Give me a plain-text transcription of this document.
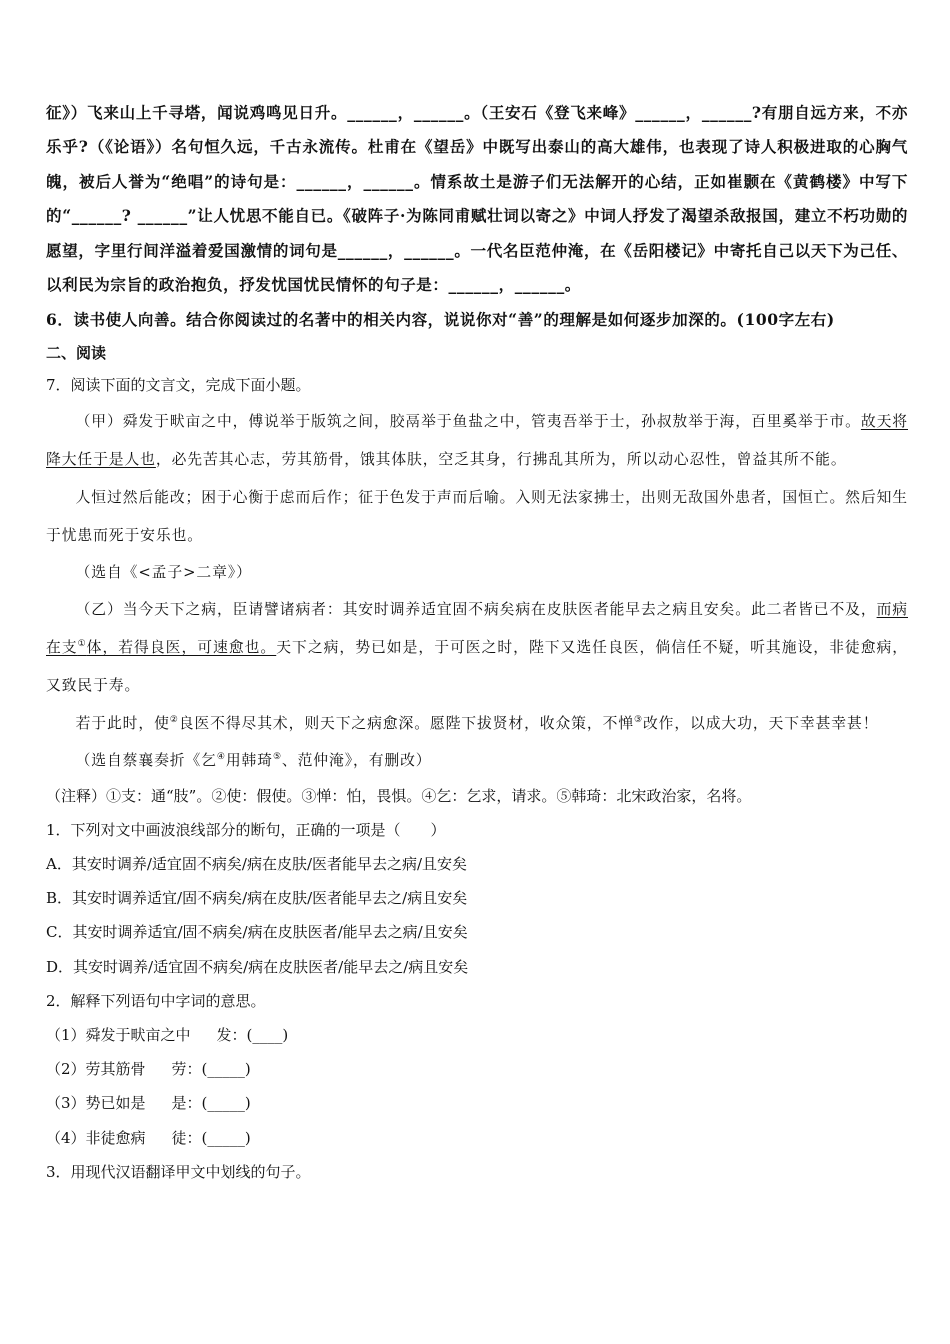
征》）飞来山上千寻塔，闻说鸡鸣见日升。______，______。（王安石《登飞来峰》______，______?有朋自远方来，不亦乐乎?（《论语》）名句恒久远，千古永流传。杜甫在《望岳》中既写出泰山的高大雄伟，也表现了诗人积极进取的心胸气魄，被后人誉为“绝唱”的诗句是：______，______。情系故土是游子们无法解开的心结，正如崔颢在《黄鹤楼》中写下的“______? ______”让人忧思不能自已。《破阵子·为陈同甫赋壮词以寄之》中词人抒发了渴望杀敌报国，建立不朽功勋的愿望，字里行间洋溢着爱国激情的词句是______，______。一代名臣范仲淹，在《岳阳楼记》中寄托自己以天下为己任、以利民为宗旨的政治抱负，抒发忧国忧民情怀的句子是：______，______。
6．读书使人向善。结合你阅读过的名著中的相关内容，说说你对“善”的理解是如何逐步加深的。(100字左右)
二、阅读
7．阅读下面的文言文，完成下面小题。
（甲）舜发于畎亩之中，傅说举于版筑之间，胶鬲举于鱼盐之中，管夷吾举于士，孙叔敖举于海，百里奚举于市。故天将降大任于是人也，必先苦其心志，劳其筋骨，饿其体肤，空乏其身，行拂乱其所为，所以动心忍性，曾益其所不能。
人恒过然后能改；困于心衡于虑而后作；征于色发于声而后喻。入则无法家拂士，出则无敌国外患者，国恒亡。然后知生于忧患而死于安乐也。
（选自《<孟子>二章》）
（乙）当今天下之病，臣请譬诸病者：其安时调养适宜固不病矣病在皮肤医者能早去之病且安矣。此二者皆已不及，而病在支①体，若得良医，可速愈也。天下之病，势已如是，于可医之时，陛下又选任良医，倘信任不疑，听其施设，非徒愈病，又致民于寿。
若于此时，使②良医不得尽其术，则天下之病愈深。愿陛下拔贤材，收众策，不惮③改作，以成大功，天下幸甚幸甚！
（选自蔡襄奏折《乞④用韩琦⑤、范仲淹》，有删改）
（注释）①支：通“肢”。②使：假使。③惮：怕，畏惧。④乞：乞求，请求。⑤韩琦：北宋政治家，名将。
1．下列对文中画波浪线部分的断句，正确的一项是（　　）
A．其安时调养/适宜固不病矣/病在皮肤/医者能早去之病/且安矣
B．其安时调养适宜/固不病矣/病在皮肤/医者能早去之/病且安矣
C．其安时调养适宜/固不病矣/病在皮肤医者/能早去之病/且安矣
D．其安时调养/适宜固不病矣/病在皮肤医者/能早去之/病且安矣
2．解释下列语句中字词的意思。
（1）舜发于畎亩之中 发：(____)
（2）劳其筋骨 劳：(_____)
（3）势已如是 是：(_____)
（4）非徒愈病 徒：(_____)
3．用现代汉语翻译甲文中划线的句子。
